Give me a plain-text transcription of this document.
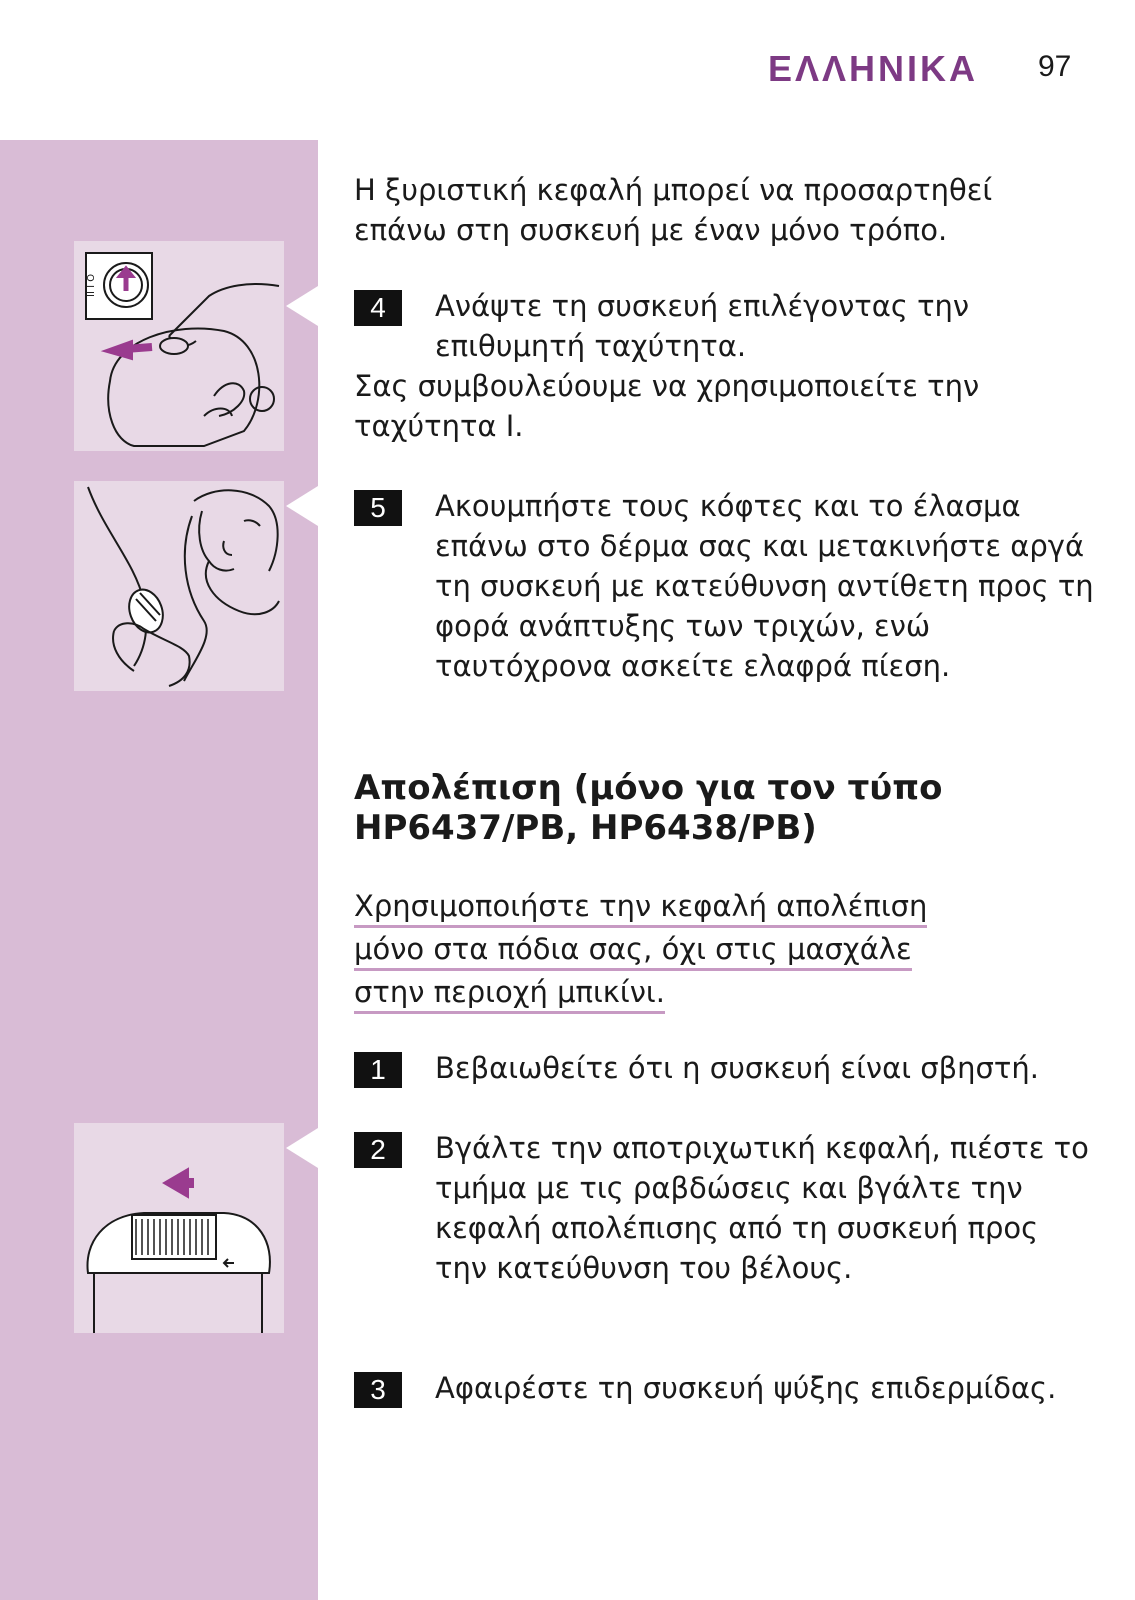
ΕΛΛΗΝΙΚΑ 97
II I O

Η ξυριστική κεφαλή μπορεί να προσαρτηθεί επάνω στη συσκευή με έναν μόνο τρόπο.

4	Ανάψτε τη συσκευή επιλέγοντας την επιθυμητή ταχύτητα.

Σας συμβουλεύουμε να χρησιμοποιείτε την ταχύτητα I.

5	Ακουμπήστε τους κόφτες και το έλασμα επάνω στο δέρμα σας και μετακινήστε αργά τη συσκευή με κατεύθυνση αντίθετη προς τη φορά ανάπτυξης των τριχών, ενώ ταυτόχρονα ασκείτε ελαφρά πίεση.

Απολέπιση (μόνο για τον τύπο HP6437/PB, HP6438/PB)
Χρησιμοποιήστε την κεφαλή απολέπιση
μόνο στα πόδια σας, όχι στις μασχάλε
στην περιοχή μπικίνι.
1	Βεβαιωθείτε ότι η συσκευή είναι σβηστή.

2	Βγάλτε την αποτριχωτική κεφαλή, πιέστε το τμήμα με τις ραβδώσεις και βγάλτε την κεφαλή απολέπισης από τη συσκευή προς την κατεύθυνση του βέλους.

3	Αφαιρέστε τη συσκευή ψύξης επιδερμίδας.
